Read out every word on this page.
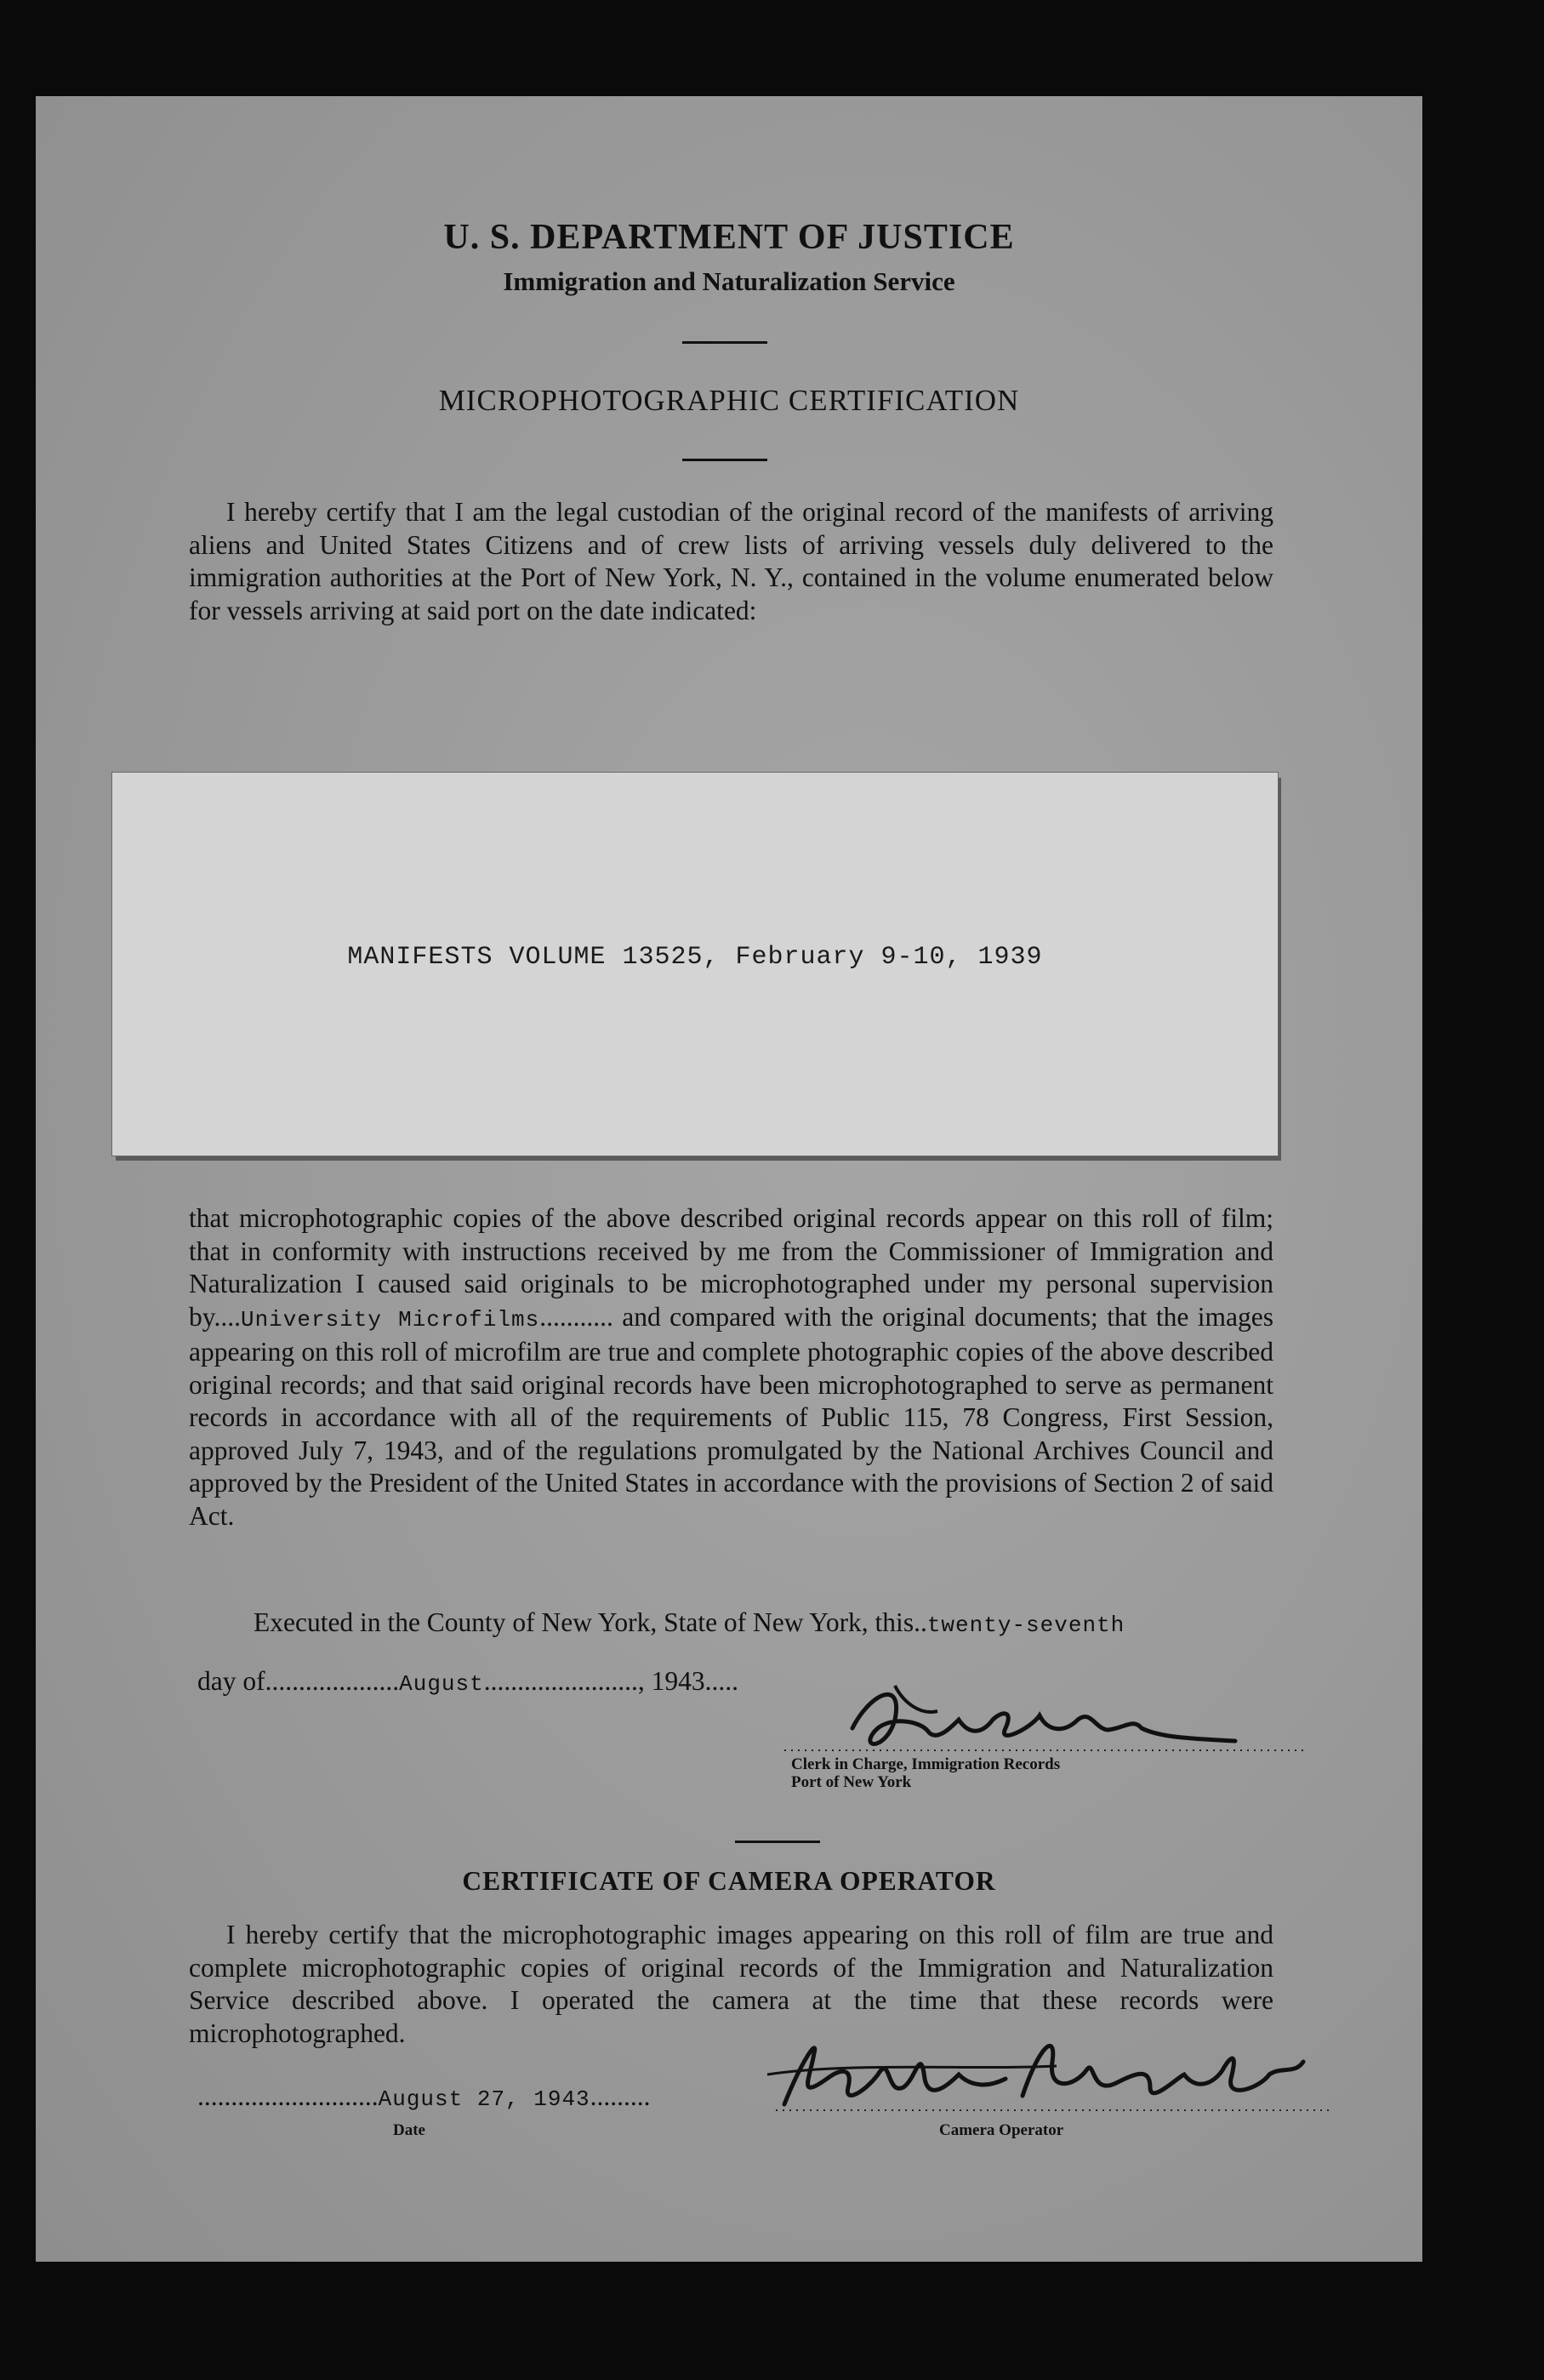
U. S. DEPARTMENT OF JUSTICE
Immigration and Naturalization Service
MICROPHOTOGRAPHIC CERTIFICATION
I hereby certify that I am the legal custodian of the original record of the manifests of arriving aliens and United States Citizens and of crew lists of arriving vessels duly delivered to the immigration authorities at the Port of New York, N. Y., contained in the volume enumerated below for vessels arriving at said port on the date indicated:
MANIFESTS VOLUME 13525, February 9-10, 1939
that microphotographic copies of the above described original records appear on this roll of film; that in conformity with instructions received by me from the Commissioner of Immigration and Naturalization I caused said originals to be microphotographed under my personal supervision by....University Microfilms........... and compared with the original documents; that the images appearing on this roll of microfilm are true and complete photographic copies of the above described original records; and that said original records have been microphotographed to serve as permanent records in accordance with all of the requirements of Public 115, 78 Congress, First Session, approved July 7, 1943, and of the regulations promulgated by the National Archives Council and approved by the President of the United States in accordance with the provisions of Section 2 of said Act.
Executed in the County of New York, State of New York, this..twenty-seventh
day of....................August......................., 1943.....
Clerk in Charge, Immigration Records
Port of New York
CERTIFICATE OF CAMERA OPERATOR
I hereby certify that the microphotographic images appearing on this roll of film are true and complete microphotographic copies of original records of the Immigration and Naturalization Service described above. I operated the camera at the time that these records were microphotographed.
...........................August 27, 1943.........
Date	Camera Operator
